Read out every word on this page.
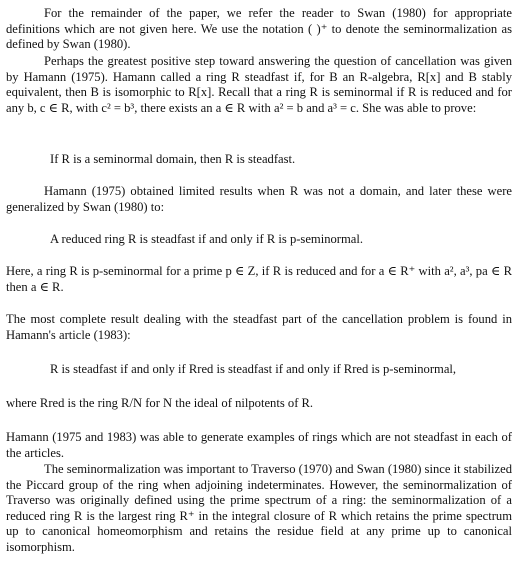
For the remainder of the paper, we refer the reader to Swan (1980) for appropriate definitions which are not given here. We use the notation ( )⁺ to denote the seminormalization as defined by Swan (1980).

Perhaps the greatest positive step toward answering the question of cancellation was given by Hamann (1975). Hamann called a ring R steadfast if, for B an R-algebra, R[x] and B stably equivalent, then B is isomorphic to R[x]. Recall that a ring R is seminormal if R is reduced and for any b, c ∈ R, with c² = b³, there exists an a ∈ R with a² = b and a³ = c. She was able to prove:

If R is a seminormal domain, then R is steadfast.

Hamann (1975) obtained limited results when R was not a domain, and later these were generalized by Swan (1980) to:

A reduced ring R is steadfast if and only if R is p-seminormal.

Here, a ring R is p-seminormal for a prime p ∈ Z, if R is reduced and for a ∈ R⁺ with a², a³, pa ∈ R then a ∈ R.

The most complete result dealing with the steadfast part of the cancellation problem is found in Hamann's article (1983):

R is steadfast if and only if Rred is steadfast if and only if Rred is p-seminormal,

where Rred is the ring R/N for N the ideal of nilpotents of R.

Hamann (1975 and 1983) was able to generate examples of rings which are not steadfast in each of the articles.

The seminormalization was important to Traverso (1970) and Swan (1980) since it stabilized the Piccard group of the ring when adjoining indeterminates. However, the seminormalization of Traverso was originally defined using the prime spectrum of a ring: the seminormalization of a reduced ring R is the largest ring R⁺ in the integral closure of R which retains the prime spectrum up to canonical homeomorphism and retains the residue field at any prime up to canonical isomorphism.
